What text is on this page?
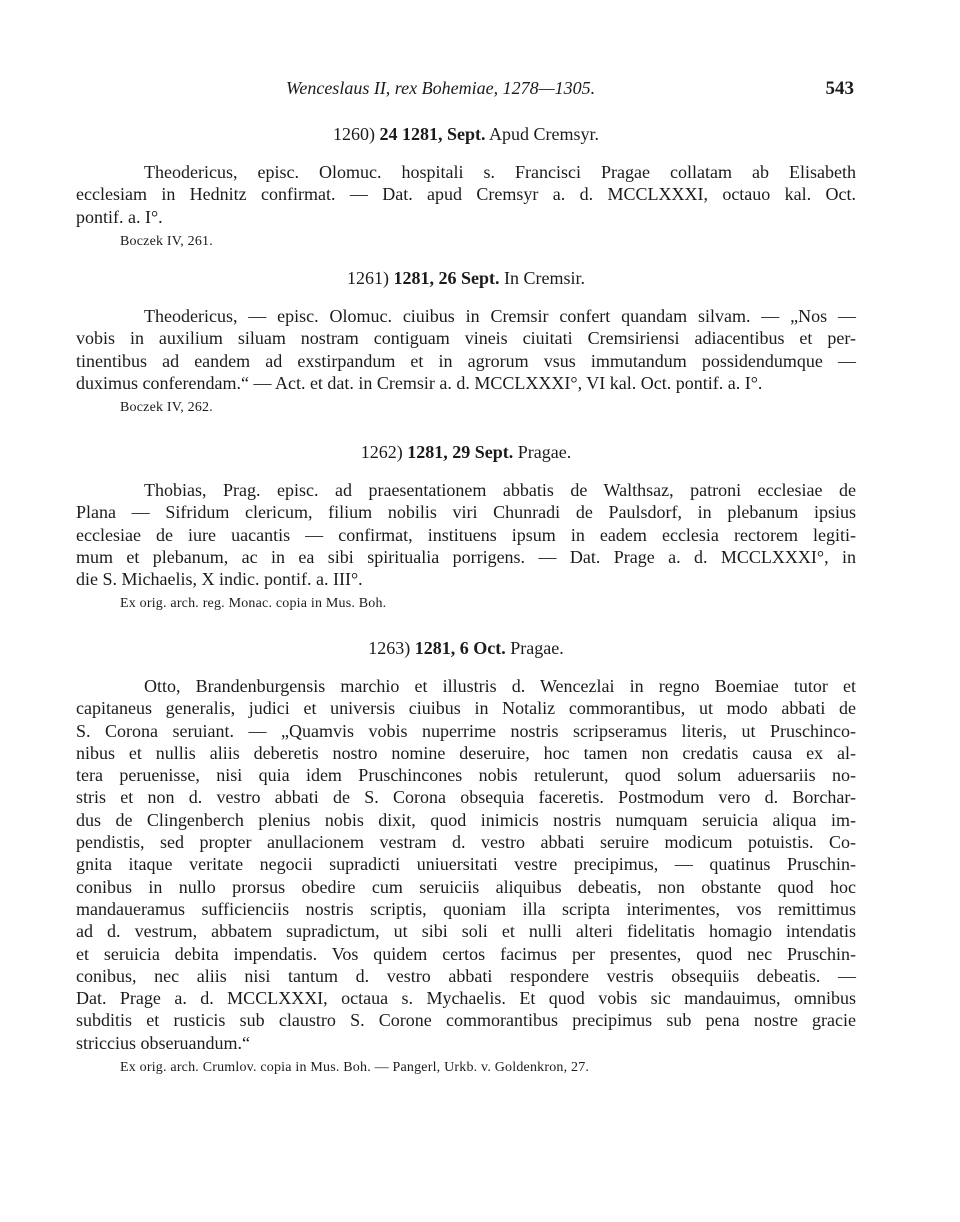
Wenceslaus II, rex Bohemiae, 1278—1305.	543
1260) 24 1281, Sept. Apud Cremsyr.

Theodericus, episc. Olomuc. hospitali s. Francisci Pragae collatam ab Elisabeth
ecclesiam in Hednitz confirmat. — Dat. apud Cremsyr a. d. MCCLXXXI, octauo kal. Oct.
pontif. a. I°.

Boczek IV, 261.
1261) 1281, 26 Sept. In Cremsir.

Theodericus, — episc. Olomuc. ciuibus in Cremsir confert quandam silvam. — „Nos —
vobis in auxilium siluam nostram contiguam vineis ciuitati Cremsiriensi adiacentibus et per-
tinentibus ad eandem ad exstirpandum et in agrorum vsus immutandum possidendumque —
duximus conferendam.“ — Act. et dat. in Cremsir a. d. MCCLXXXI°, VI kal. Oct. pontif. a. I°.

Boczek IV, 262.
1262) 1281, 29 Sept. Pragae.

Thobias, Prag. episc. ad praesentationem abbatis de Walthsaz, patroni ecclesiae de
Plana — Sifridum clericum, filium nobilis viri Chunradi de Paulsdorf, in plebanum ipsius
ecclesiae de iure uacantis — confirmat, instituens ipsum in eadem ecclesia rectorem legiti-
mum et plebanum, ac in ea sibi spiritualia porrigens. — Dat. Prage a. d. MCCLXXXI°, in
die S. Michaelis, X indic. pontif. a. III°.

Ex orig. arch. reg. Monac. copia in Mus. Boh.
1263) 1281, 6 Oct. Pragae.

Otto, Brandenburgensis marchio et illustris d. Wencezlai in regno Boemiae tutor et
capitaneus generalis, judici et universis ciuibus in Notaliz commorantibus, ut modo abbati de
S. Corona seruiant. — „Quamvis vobis nuperrime nostris scripseramus literis, ut Pruschinco-
nibus et nullis aliis deberetis nostro nomine deseruire, hoc tamen non credatis causa ex al-
tera peruenisse, nisi quia idem Pruschincones nobis retulerunt, quod solum aduersariis no-
stris et non d. vestro abbati de S. Corona obsequia faceretis. Postmodum vero d. Borchar-
dus de Clingenberch plenius nobis dixit, quod inimicis nostris numquam seruicia aliqua im-
pendistis, sed propter anullacionem vestram d. vestro abbati seruire modicum potuistis. Co-
gnita itaque veritate negocii supradicti uniuersitati vestre precipimus, — quatinus Pruschin-
conibus in nullo prorsus obedire cum seruiciis aliquibus debeatis, non obstante quod hoc
mandaueramus sufficienciis nostris scriptis, quoniam illa scripta interimentes, vos remittimus
ad d. vestrum, abbatem supradictum, ut sibi soli et nulli alteri fidelitatis homagio intendatis
et seruicia debita impendatis. Vos quidem certos facimus per presentes, quod nec Pruschin-
conibus, nec aliis nisi tantum d. vestro abbati respondere vestris obsequiis debeatis. —
Dat. Prage a. d. MCCLXXXI, octaua s. Mychaelis. Et quod vobis sic mandauimus, omnibus
subditis et rusticis sub claustro S. Corone commorantibus precipimus sub pena nostre gracie
striccius obseruandum.“

Ex orig. arch. Crumlov. copia in Mus. Boh. — Pangerl, Urkb. v. Goldenkron, 27.
